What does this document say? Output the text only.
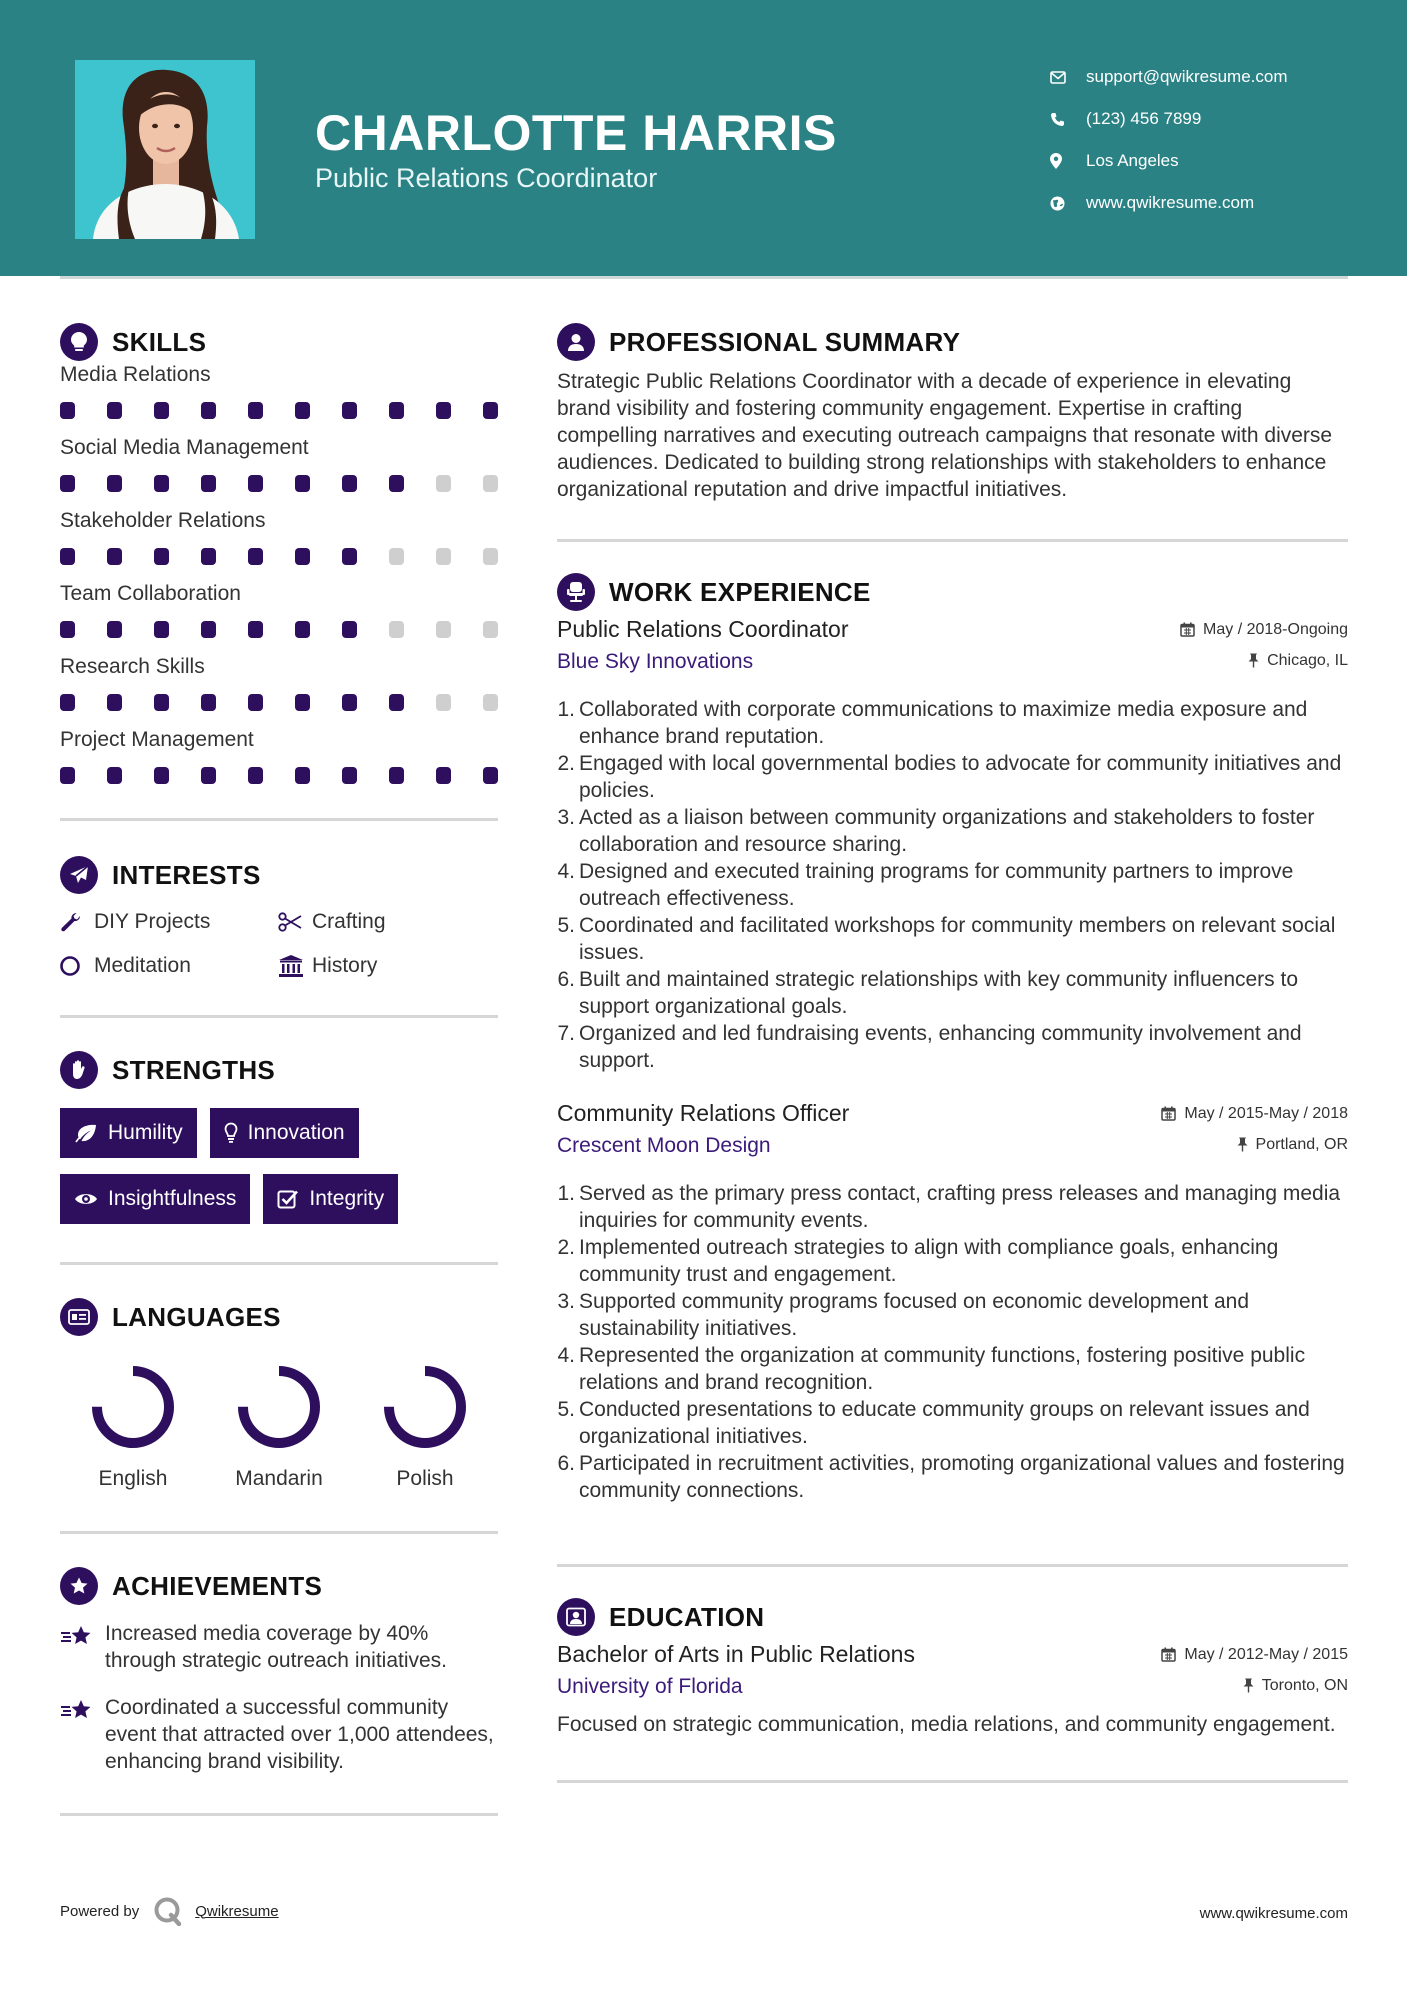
CHARLOTTE HARRIS
Public Relations Coordinator
support@qwikresume.com
(123) 456 7899
Los Angeles
www.qwikresume.com
SKILLS
Media Relations
Social Media Management
Stakeholder Relations
Team Collaboration
Research Skills
Project Management
INTERESTS
DIY Projects	Crafting
Meditation	History
STRENGTHS
Humility	Innovation
Insightfulness	Integrity
LANGUAGES
English	Mandarin	Polish
ACHIEVEMENTS
Increased media coverage by 40% through strategic outreach initiatives.
Coordinated a successful community event that attracted over 1,000 attendees, enhancing brand visibility.
PROFESSIONAL SUMMARY
Strategic Public Relations Coordinator with a decade of experience in elevating brand visibility and fostering community engagement. Expertise in crafting compelling narratives and executing outreach campaigns that resonate with diverse audiences. Dedicated to building strong relationships with stakeholders to enhance organizational reputation and drive impactful initiatives.
WORK EXPERIENCE
Public Relations Coordinator	May / 2018-Ongoing
Blue Sky Innovations	Chicago, IL
1. Collaborated with corporate communications to maximize media exposure and enhance brand reputation.
2. Engaged with local governmental bodies to advocate for community initiatives and policies.
3. Acted as a liaison between community organizations and stakeholders to foster collaboration and resource sharing.
4. Designed and executed training programs for community partners to improve outreach effectiveness.
5. Coordinated and facilitated workshops for community members on relevant social issues.
6. Built and maintained strategic relationships with key community influencers to support organizational goals.
7. Organized and led fundraising events, enhancing community involvement and support.
Community Relations Officer	May / 2015-May / 2018
Crescent Moon Design	Portland, OR
1. Served as the primary press contact, crafting press releases and managing media inquiries for community events.
2. Implemented outreach strategies to align with compliance goals, enhancing community trust and engagement.
3. Supported community programs focused on economic development and sustainability initiatives.
4. Represented the organization at community functions, fostering positive public relations and brand recognition.
5. Conducted presentations to educate community groups on relevant issues and organizational initiatives.
6. Participated in recruitment activities, promoting organizational values and fostering community connections.
EDUCATION
Bachelor of Arts in Public Relations	May / 2012-May / 2015
University of Florida	Toronto, ON
Focused on strategic communication, media relations, and community engagement.
Powered by	Qwikresume	www.qwikresume.com
